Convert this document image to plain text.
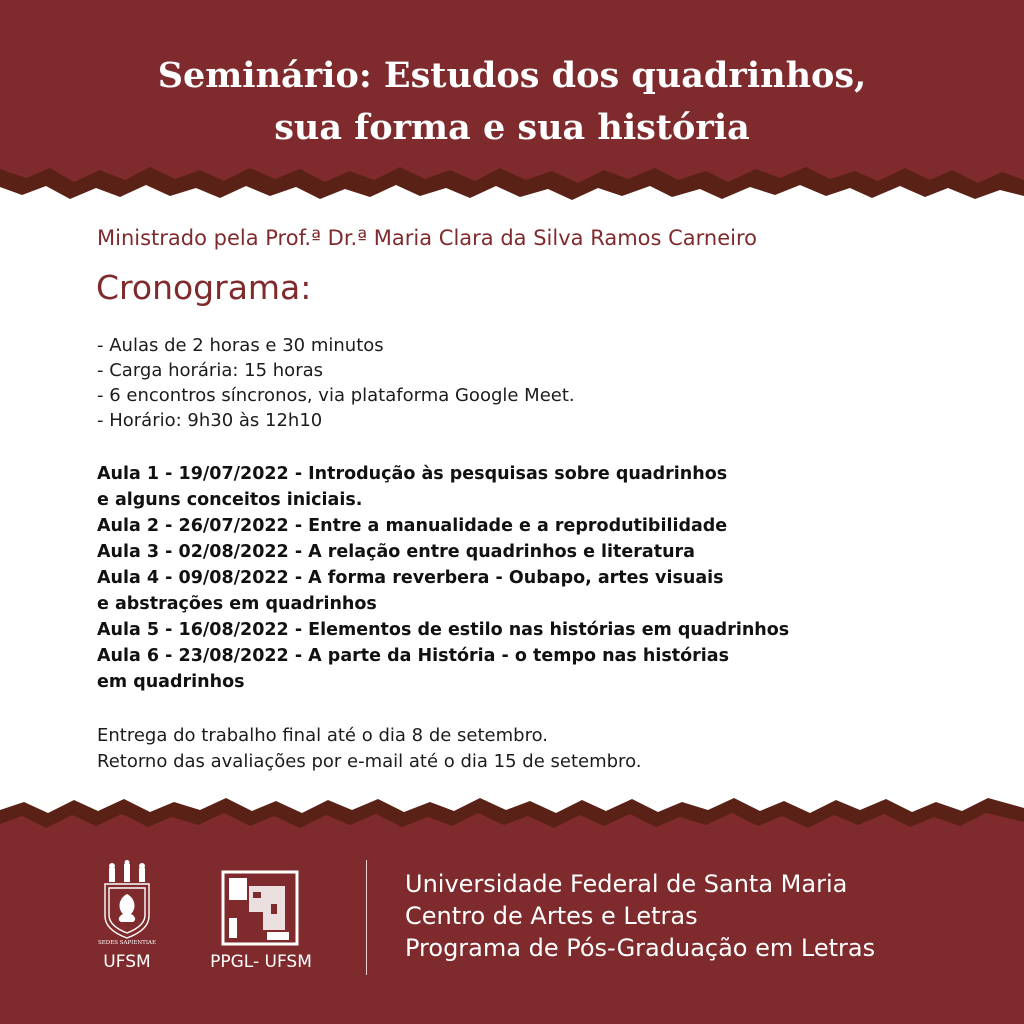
Seminário: Estudos dos quadrinhos,
sua forma e sua história
Ministrado pela Prof.ª Dr.ª Maria Clara da Silva Ramos Carneiro
Cronograma:
- Aulas de 2 horas e 30 minutos
- Carga horária: 15 horas
- 6 encontros síncronos, via plataforma Google Meet.
- Horário: 9h30 às 12h10
Aula 1 - 19/07/2022 - Introdução às pesquisas sobre quadrinhos
e alguns conceitos iniciais.
Aula 2 - 26/07/2022 - Entre a manualidade e a reprodutibilidade
Aula 3 - 02/08/2022 - A relação entre quadrinhos e literatura
Aula 4 - 09/08/2022 - A forma reverbera - Oubapo, artes visuais
e abstrações em quadrinhos
Aula 5 - 16/08/2022 - Elementos de estilo nas histórias em quadrinhos
Aula 6 - 23/08/2022 - A parte da História - o tempo nas histórias
em quadrinhos
Entrega do trabalho final até o dia 8 de setembro.
Retorno das avaliações por e-mail até o dia 15 de setembro.
SEDES SAPIENTIAE
UFSM	PPGL- UFSM
Universidade Federal de Santa Maria
Centro de Artes e Letras
Programa de Pós-Graduação em Letras
